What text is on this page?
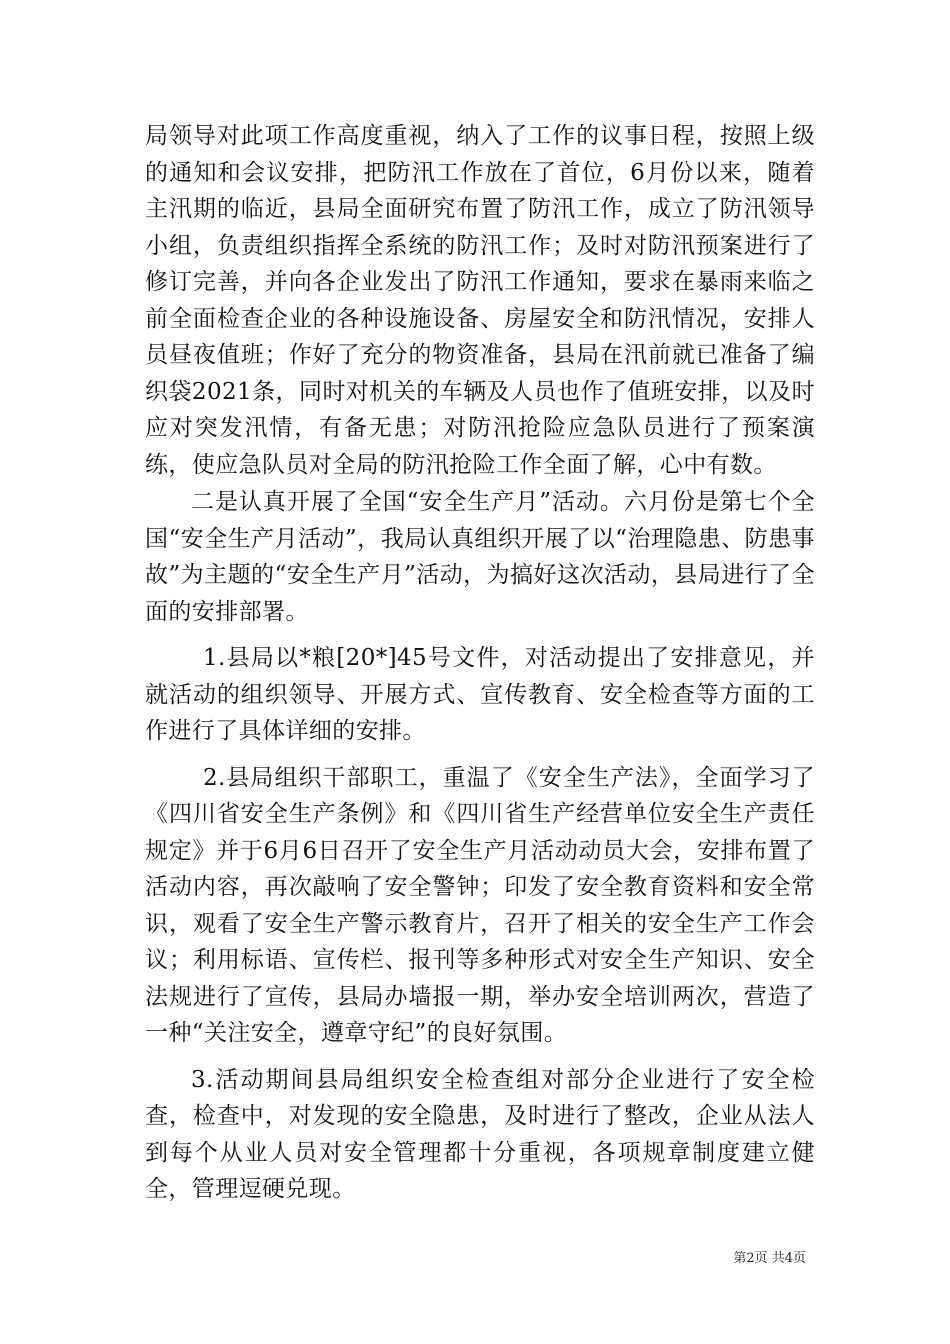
局领导对此项工作高度重视，纳入了工作的议事日程，按照上级的通知和会议安排，把防汛工作放在了首位，6月份以来，随着主汛期的临近，县局全面研究布置了防汛工作，成立了防汛领导小组，负责组织指挥全系统的防汛工作；及时对防汛预案进行了修订完善，并向各企业发出了防汛工作通知，要求在暴雨来临之前全面检查企业的各种设施设备、房屋安全和防汛情况，安排人员昼夜值班；作好了充分的物资准备，县局在汛前就已准备了编织袋2021条，同时对机关的车辆及人员也作了值班安排，以及时应对突发汛情，有备无患；对防汛抢险应急队员进行了预案演练，使应急队员对全局的防汛抢险工作全面了解，心中有数。

二是认真开展了全国“安全生产月”活动。六月份是第七个全国“安全生产月活动”，我局认真组织开展了以“治理隐患、防患事故”为主题的“安全生产月”活动，为搞好这次活动，县局进行了全面的安排部署。

1.县局以*粮[20*]45号文件，对活动提出了安排意见，并就活动的组织领导、开展方式、宣传教育、安全检查等方面的工作进行了具体详细的安排。

2.县局组织干部职工，重温了《安全生产法》，全面学习了《四川省安全生产条例》和《四川省生产经营单位安全生产责任规定》并于6月6日召开了安全生产月活动动员大会，安排布置了活动内容，再次敲响了安全警钟；印发了安全教育资料和安全常识，观看了安全生产警示教育片，召开了相关的安全生产工作会议；利用标语、宣传栏、报刊等多种形式对安全生产知识、安全法规进行了宣传，县局办墙报一期，举办安全培训两次，营造了一种“关注安全，遵章守纪”的良好氛围。

3.活动期间县局组织安全检查组对部分企业进行了安全检查，检查中，对发现的安全隐患，及时进行了整改，企业从法人到每个从业人员对安全管理都十分重视，各项规章制度建立健全，管理逗硬兑现。

第2页 共4页
